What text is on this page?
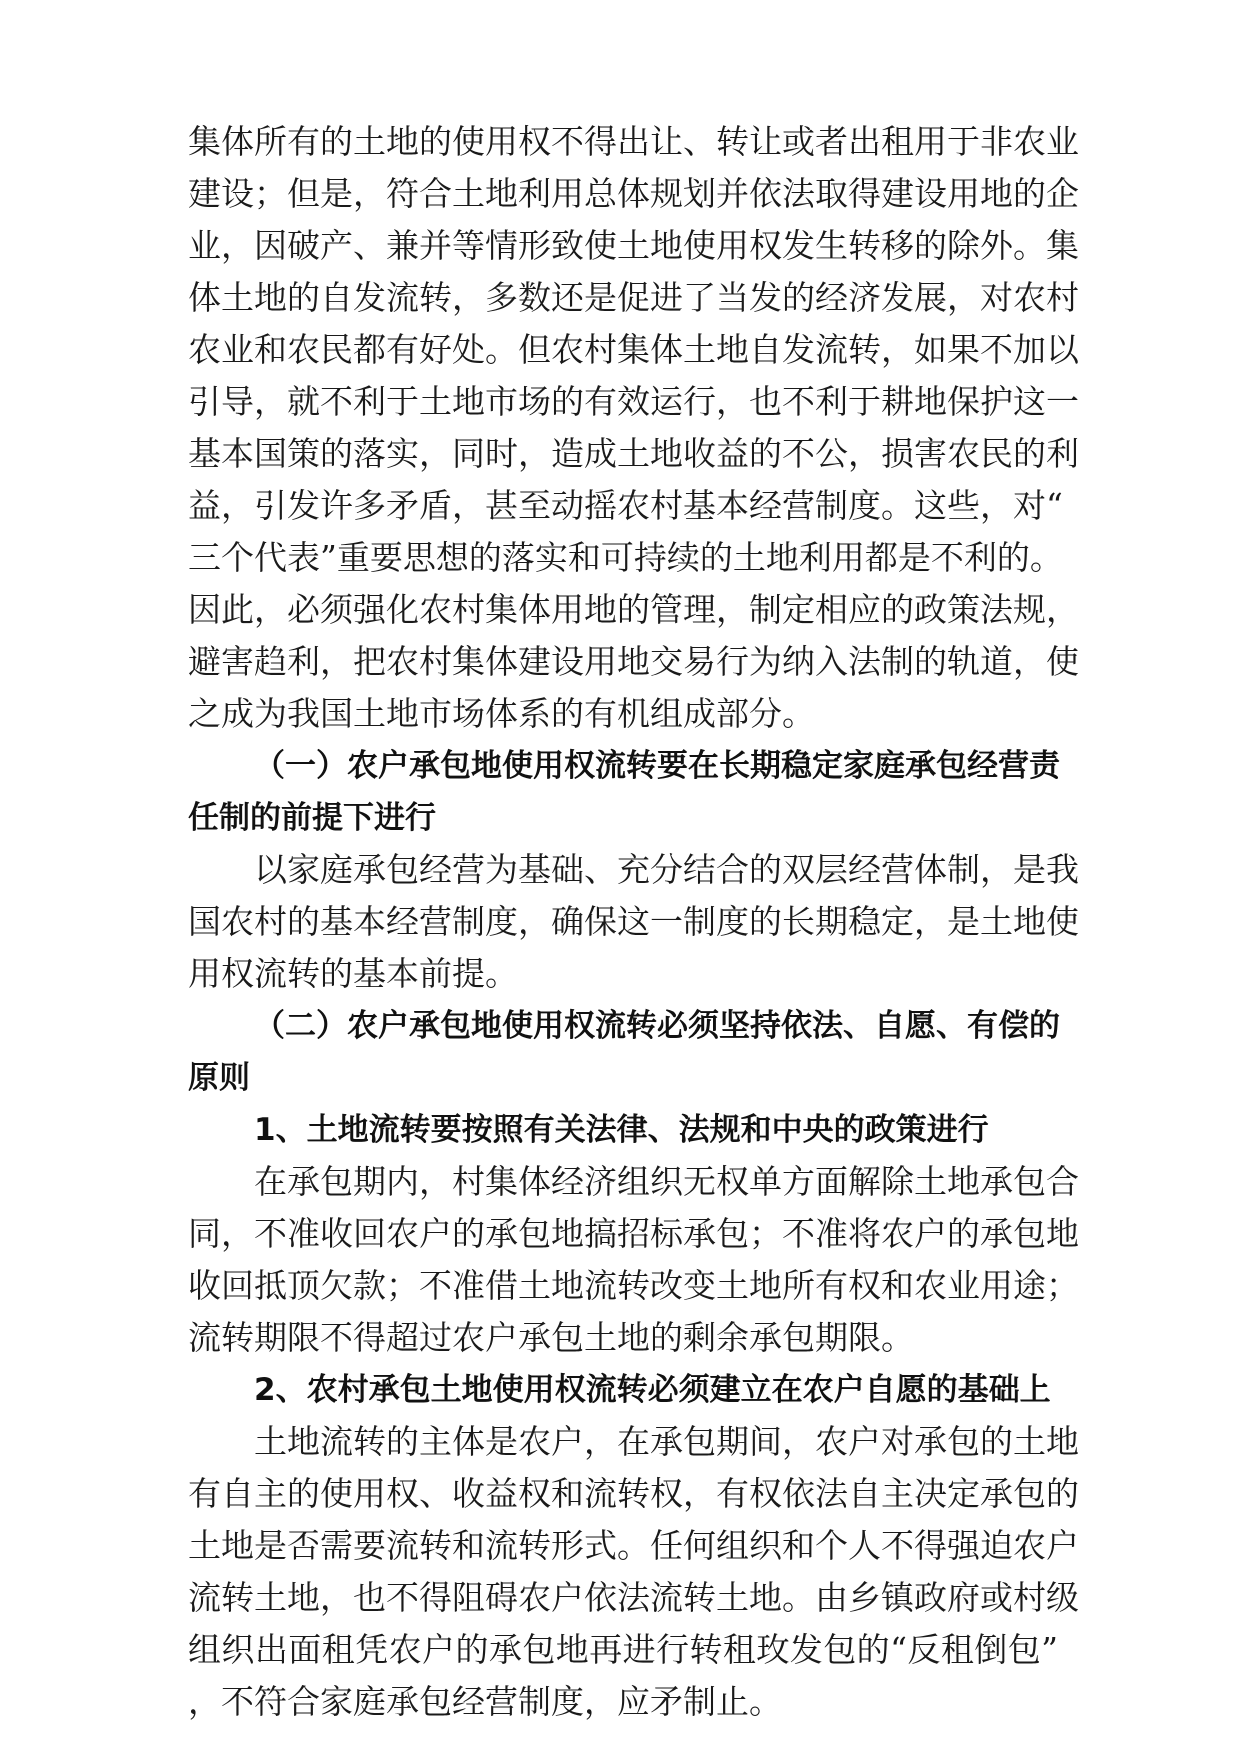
集体所有的土地的使用权不得出让、转让或者出租用于非农业
建设；但是，符合土地利用总体规划并依法取得建设用地的企
业，因破产、兼并等情形致使土地使用权发生转移的除外。集
体土地的自发流转，多数还是促进了当发的经济发展，对农村
农业和农民都有好处。但农村集体土地自发流转，如果不加以
引导，就不利于土地市场的有效运行，也不利于耕地保护这一
基本国策的落实，同时，造成土地收益的不公，损害农民的利
益，引发许多矛盾，甚至动摇农村基本经营制度。这些，对“
三个代表”重要思想的落实和可持续的土地利用都是不利的。
因此，必须强化农村集体用地的管理，制定相应的政策法规，
避害趋利，把农村集体建设用地交易行为纳入法制的轨道，使
之成为我国土地市场体系的有机组成部分。
（一）农户承包地使用权流转要在长期稳定家庭承包经营责
任制的前提下进行
以家庭承包经营为基础、充分结合的双层经营体制，是我
国农村的基本经营制度，确保这一制度的长期稳定，是土地使
用权流转的基本前提。
（二）农户承包地使用权流转必须坚持依法、自愿、有偿的
原则
1、土地流转要按照有关法律、法规和中央的政策进行
在承包期内，村集体经济组织无权单方面解除土地承包合
同，不准收回农户的承包地搞招标承包；不准将农户的承包地
收回抵顶欠款；不准借土地流转改变土地所有权和农业用途；
流转期限不得超过农户承包土地的剩余承包期限。
2、农村承包土地使用权流转必须建立在农户自愿的基础上
土地流转的主体是农户，在承包期间，农户对承包的土地
有自主的使用权、收益权和流转权，有权依法自主决定承包的
土地是否需要流转和流转形式。任何组织和个人不得强迫农户
流转土地，也不得阻碍农户依法流转土地。由乡镇政府或村级
组织出面租凭农户的承包地再进行转租玫发包的“反租倒包”
，不符合家庭承包经营制度，应矛制止。
